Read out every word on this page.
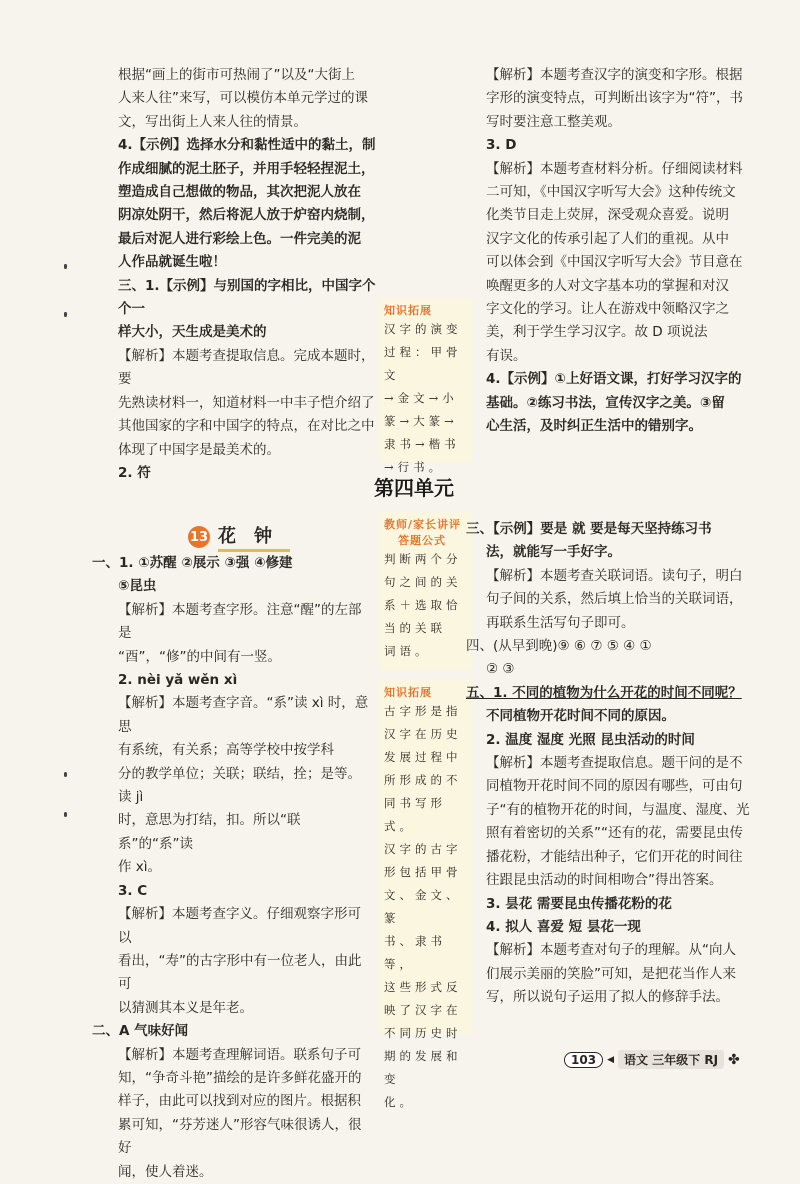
根据“画上的街市可热闹了”以及“大街上

人来人往”来写，可以模仿本单元学过的课

文，写出街上人来人往的情景。

4.【示例】选择水分和黏性适中的黏土，制

作成细腻的泥土胚子，并用手轻轻捏泥土，

塑造成自己想做的物品，其次把泥人放在

阴凉处阴干，然后将泥人放于炉窑内烧制，

最后对泥人进行彩绘上色。一件完美的泥

人作品就诞生啦！

三、1.【示例】与别国的字相比，中国字个个一

样大小，天生成是美术的

【解析】本题考查提取信息。完成本题时，要

先熟读材料一，知道材料一中丰子恺介绍了

其他国家的字和中国字的特点，在对比之中

体现了中国字是最美术的。

2. 符

知识拓展
汉字的演变
过程：甲骨文
→金文→小
篆→大篆→
隶书→楷书
→行书。

【解析】本题考查汉字的演变和字形。根据

字形的演变特点，可判断出该字为“符”，书

写时要注意工整美观。

3. D

【解析】本题考查材料分析。仔细阅读材料

二可知，《中国汉字听写大会》这种传统文

化类节目走上荧屏，深受观众喜爱。说明

汉字文化的传承引起了人们的重视。从中

可以体会到《中国汉字听写大会》节目意在

唤醒更多的人对文字基本功的掌握和对汉

字文化的学习。让人在游戏中领略汉字之

美，利于学生学习汉字。故 D 项说法

有误。

4.【示例】①上好语文课，打好学习汉字的

基础。②练习书法，宣传汉字之美。③留

心生活，及时纠正生活中的错别字。

第四单元
13 花钟

一、1. ①苏醒 ②展示 ③强 ④修建

⑤昆虫

【解析】本题考查字形。注意“醒”的左部是

“酉”，“修”的中间有一竖。

2. nèi yǎ wěn xì

【解析】本题考查字音。“系”读 xì 时，意思

有系统，有关系；高等学校中按学科

分的教学单位；关联；联结，拴；是等。读 jì

时，意思为打结，扣。所以“联系”的“系”读

作 xì。

3. C

【解析】本题考查字义。仔细观察字形可以

看出，“寿”的古字形中有一位老人，由此可

以猜测其本义是年老。

二、A 气味好闻

【解析】本题考查理解词语。联系句子可

知，“争奇斗艳”描绘的是许多鲜花盛开的

样子，由此可以找到对应的图片。根据积

累可知，“芬芳迷人”形容气味很诱人，很好

闻，使人着迷。

教师/家长讲评
答题公式
判断两个分
句之间的关
系＋选取恰
当的关联
词语。
知识拓展
古字形是指
汉字在历史
发展过程中
所形成的不
同书写形式。
汉字的古字
形包括甲骨
文、金文、篆
书、隶书等，
这些形式反
映了汉字在
不同历史时
期的发展和变
化。

三、【示例】要是 就 要是每天坚持练习书

法，就能写一手好字。

【解析】本题考查关联词语。读句子，明白

句子间的关系，然后填上恰当的关联词语，

再联系生活写句子即可。

四、(从早到晚)⑨ ⑥ ⑦ ⑤ ④ ①

② ③

五、1. 不同的植物为什么开花的时间不同呢？

不同植物开花时间不同的原因。

2. 温度 湿度 光照 昆虫活动的时间

【解析】本题考查提取信息。题干问的是不

同植物开花时间不同的原因有哪些，可由句

子“有的植物开花的时间，与温度、湿度、光

照有着密切的关系”“还有的花，需要昆虫传

播花粉，才能结出种子，它们开花的时间往

往跟昆虫活动的时间相吻合”得出答案。

3. 昙花 需要昆虫传播花粉的花

4. 拟人 喜爱 短 昙花一现

【解析】本题考查对句子的理解。从“向人

们展示美丽的笑脸”可知，是把花当作人来

写，所以说句子运用了拟人的修辞手法。

103	◀ 语文 三年级下 RJ ✤
